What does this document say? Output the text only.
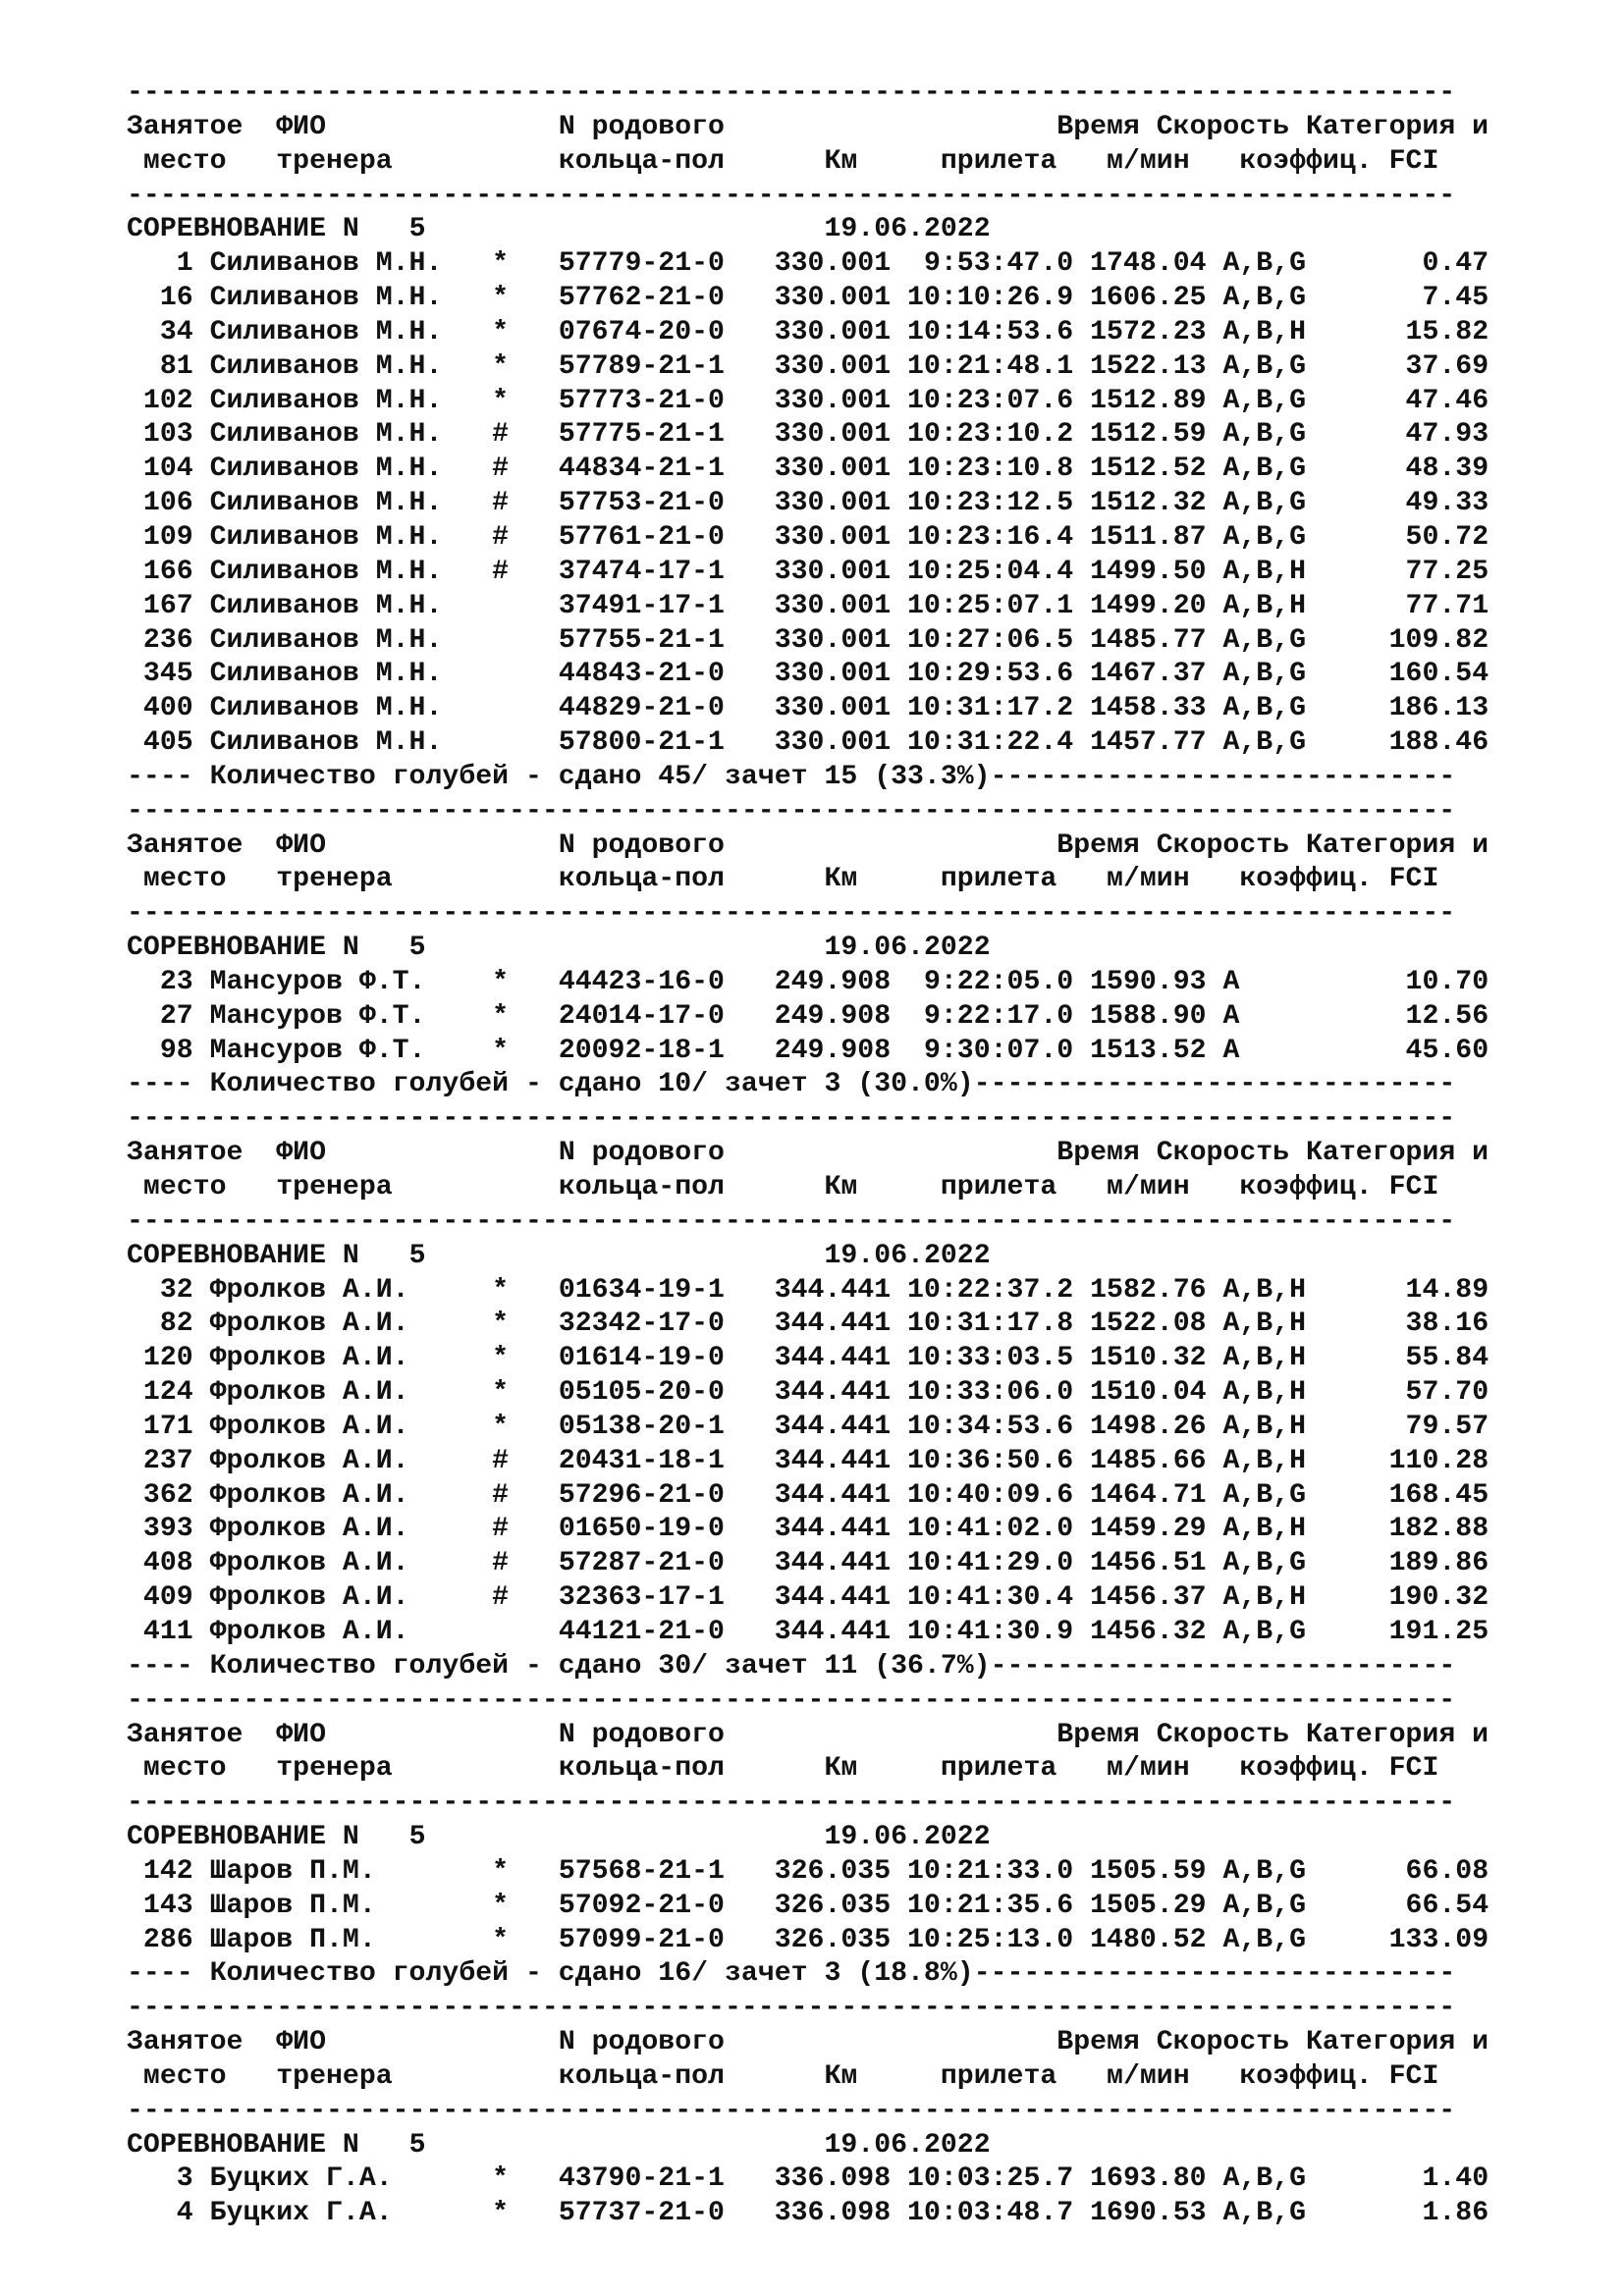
--------------------------------------------------------------------------------
Занятое  ФИО              N родового                    Время Скорость Категория и
место   тренера          кольца-пол      Км     прилета   м/мин   коэффиц. FCI
--------------------------------------------------------------------------------
СОРЕВНОВАНИЕ N   5	19.06.2022
1 Силиванов М.Н.   *   57779-21-0   330.001  9:53:47.0 1748.04 A,B,G       0.47
16 Силиванов М.Н.   *   57762-21-0   330.001 10:10:26.9 1606.25 A,B,G       7.45
34 Силиванов М.Н.   *   07674-20-0   330.001 10:14:53.6 1572.23 A,B,H      15.82
81 Силиванов М.Н.   *   57789-21-1   330.001 10:21:48.1 1522.13 A,B,G      37.69
102 Силиванов М.Н.   *   57773-21-0   330.001 10:23:07.6 1512.89 A,B,G      47.46
103 Силиванов М.Н.   #   57775-21-1   330.001 10:23:10.2 1512.59 A,B,G      47.93
104 Силиванов М.Н.   #   44834-21-1   330.001 10:23:10.8 1512.52 A,B,G      48.39
106 Силиванов М.Н.   #   57753-21-0   330.001 10:23:12.5 1512.32 A,B,G      49.33
109 Силиванов М.Н.   #   57761-21-0   330.001 10:23:16.4 1511.87 A,B,G      50.72
166 Силиванов М.Н.   #   37474-17-1   330.001 10:25:04.4 1499.50 A,B,H      77.25
167 Силиванов М.Н.       37491-17-1   330.001 10:25:07.1 1499.20 A,B,H      77.71
236 Силиванов М.Н.       57755-21-1   330.001 10:27:06.5 1485.77 A,B,G     109.82
345 Силиванов М.Н.       44843-21-0   330.001 10:29:53.6 1467.37 A,B,G     160.54
400 Силиванов М.Н.       44829-21-0   330.001 10:31:17.2 1458.33 A,B,G     186.13
405 Силиванов М.Н.       57800-21-1   330.001 10:31:22.4 1457.77 A,B,G     188.46
---- Количество голубей - сдано 45/ зачет 15 (33.3%)----------------------------
--------------------------------------------------------------------------------
Занятое  ФИО              N родового                    Время Скорость Категория и
место   тренера          кольца-пол      Км     прилета   м/мин   коэффиц. FCI
--------------------------------------------------------------------------------
СОРЕВНОВАНИЕ N   5	19.06.2022
23 Мансуров Ф.Т.    *   44423-16-0   249.908  9:22:05.0 1590.93 A          10.70
27 Мансуров Ф.Т.    *   24014-17-0   249.908  9:22:17.0 1588.90 A          12.56
98 Мансуров Ф.Т.    *   20092-18-1   249.908  9:30:07.0 1513.52 A          45.60
---- Количество голубей - сдано 10/ зачет 3 (30.0%)-----------------------------
--------------------------------------------------------------------------------
Занятое  ФИО              N родового                    Время Скорость Категория и
место   тренера          кольца-пол      Км     прилета   м/мин   коэффиц. FCI
--------------------------------------------------------------------------------
СОРЕВНОВАНИЕ N   5	19.06.2022
32 Фролков А.И.     *   01634-19-1   344.441 10:22:37.2 1582.76 A,B,H      14.89
82 Фролков А.И.     *   32342-17-0   344.441 10:31:17.8 1522.08 A,B,H      38.16
120 Фролков А.И.     *   01614-19-0   344.441 10:33:03.5 1510.32 A,B,H      55.84
124 Фролков А.И.     *   05105-20-0   344.441 10:33:06.0 1510.04 A,B,H      57.70
171 Фролков А.И.     *   05138-20-1   344.441 10:34:53.6 1498.26 A,B,H      79.57
237 Фролков А.И.     #   20431-18-1   344.441 10:36:50.6 1485.66 A,B,H     110.28
362 Фролков А.И.     #   57296-21-0   344.441 10:40:09.6 1464.71 A,B,G     168.45
393 Фролков А.И.     #   01650-19-0   344.441 10:41:02.0 1459.29 A,B,H     182.88
408 Фролков А.И.     #   57287-21-0   344.441 10:41:29.0 1456.51 A,B,G     189.86
409 Фролков А.И.     #   32363-17-1   344.441 10:41:30.4 1456.37 A,B,H     190.32
411 Фролков А.И.         44121-21-0   344.441 10:41:30.9 1456.32 A,B,G     191.25
---- Количество голубей - сдано 30/ зачет 11 (36.7%)----------------------------
--------------------------------------------------------------------------------
Занятое  ФИО              N родового                    Время Скорость Категория и
место   тренера          кольца-пол      Км     прилета   м/мин   коэффиц. FCI
--------------------------------------------------------------------------------
СОРЕВНОВАНИЕ N   5	19.06.2022
142 Шаров П.М.       *   57568-21-1   326.035 10:21:33.0 1505.59 A,B,G      66.08
143 Шаров П.М.       *   57092-21-0   326.035 10:21:35.6 1505.29 A,B,G      66.54
286 Шаров П.М.       *   57099-21-0   326.035 10:25:13.0 1480.52 A,B,G     133.09
---- Количество голубей - сдано 16/ зачет 3 (18.8%)-----------------------------
--------------------------------------------------------------------------------
Занятое  ФИО              N родового                    Время Скорость Категория и
место   тренера          кольца-пол      Км     прилета   м/мин   коэффиц. FCI
--------------------------------------------------------------------------------
СОРЕВНОВАНИЕ N   5	19.06.2022
3 Буцких Г.А.      *   43790-21-1   336.098 10:03:25.7 1693.80 A,B,G       1.40
4 Буцких Г.А.      *   57737-21-0   336.098 10:03:48.7 1690.53 A,B,G       1.86
